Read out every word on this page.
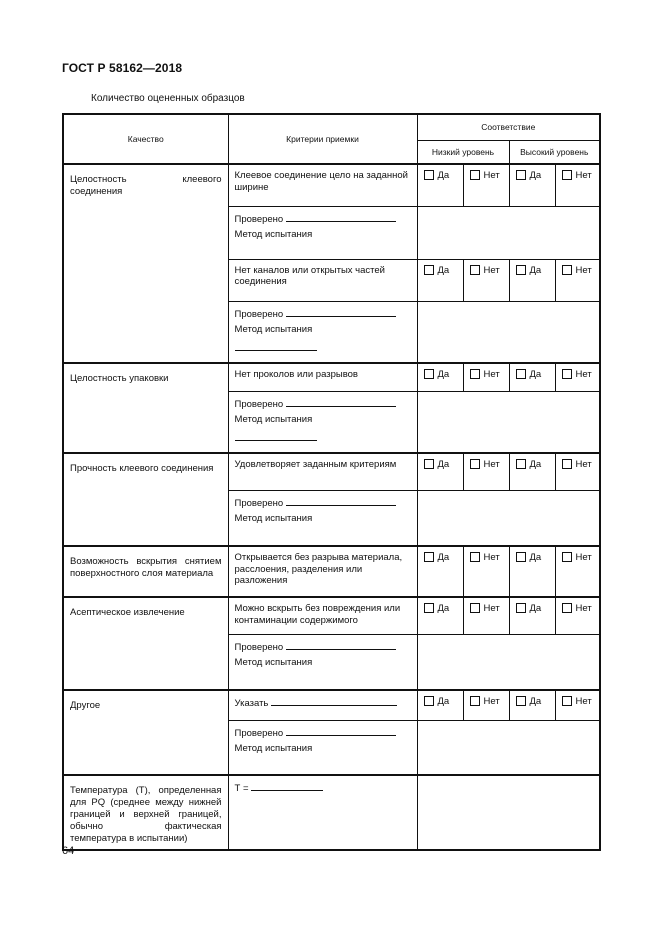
ГОСТ Р 58162—2018
Количество оцененных образцов
Качество	Критерии приемки	Соответствие			
		Низкий уровень		Высокий уровень	
Целостность клеевого соединения	Клеевое соединение цело на заданной ширине	Да	Нет	Да	Нет

	Проверено
Метод испытания				

	Нет каналов или открытых частей соединения	Да	Нет	Да	Нет

	Проверено
Метод испытания				

Целостность упаковки	Нет проколов или разрывов	Да	Нет	Да	Нет

	Проверено
Метод испытания				

Прочность клеевого соединения	Удовлетворяет заданным критериям	Да	Нет	Да	Нет

	Проверено
Метод испытания				

Возможность вскрытия снятием поверхностного слоя материала	Открывается без разрыва материала, расслоения, разделения или разложения	Да	Нет	Да	Нет
Асептическое извлечение	Можно вскрыть без повреждения или контаминации содержимого	Да	Нет	Да	Нет

	Проверено
Метод испытания				

Другое	Указать	Да	Нет	Да	Нет

	Проверено
Метод испытания				

Температура (Т), определенная для PQ (среднее между нижней границей и верхней границей, обычно фактическая температура в испытании)	Т =				
64
